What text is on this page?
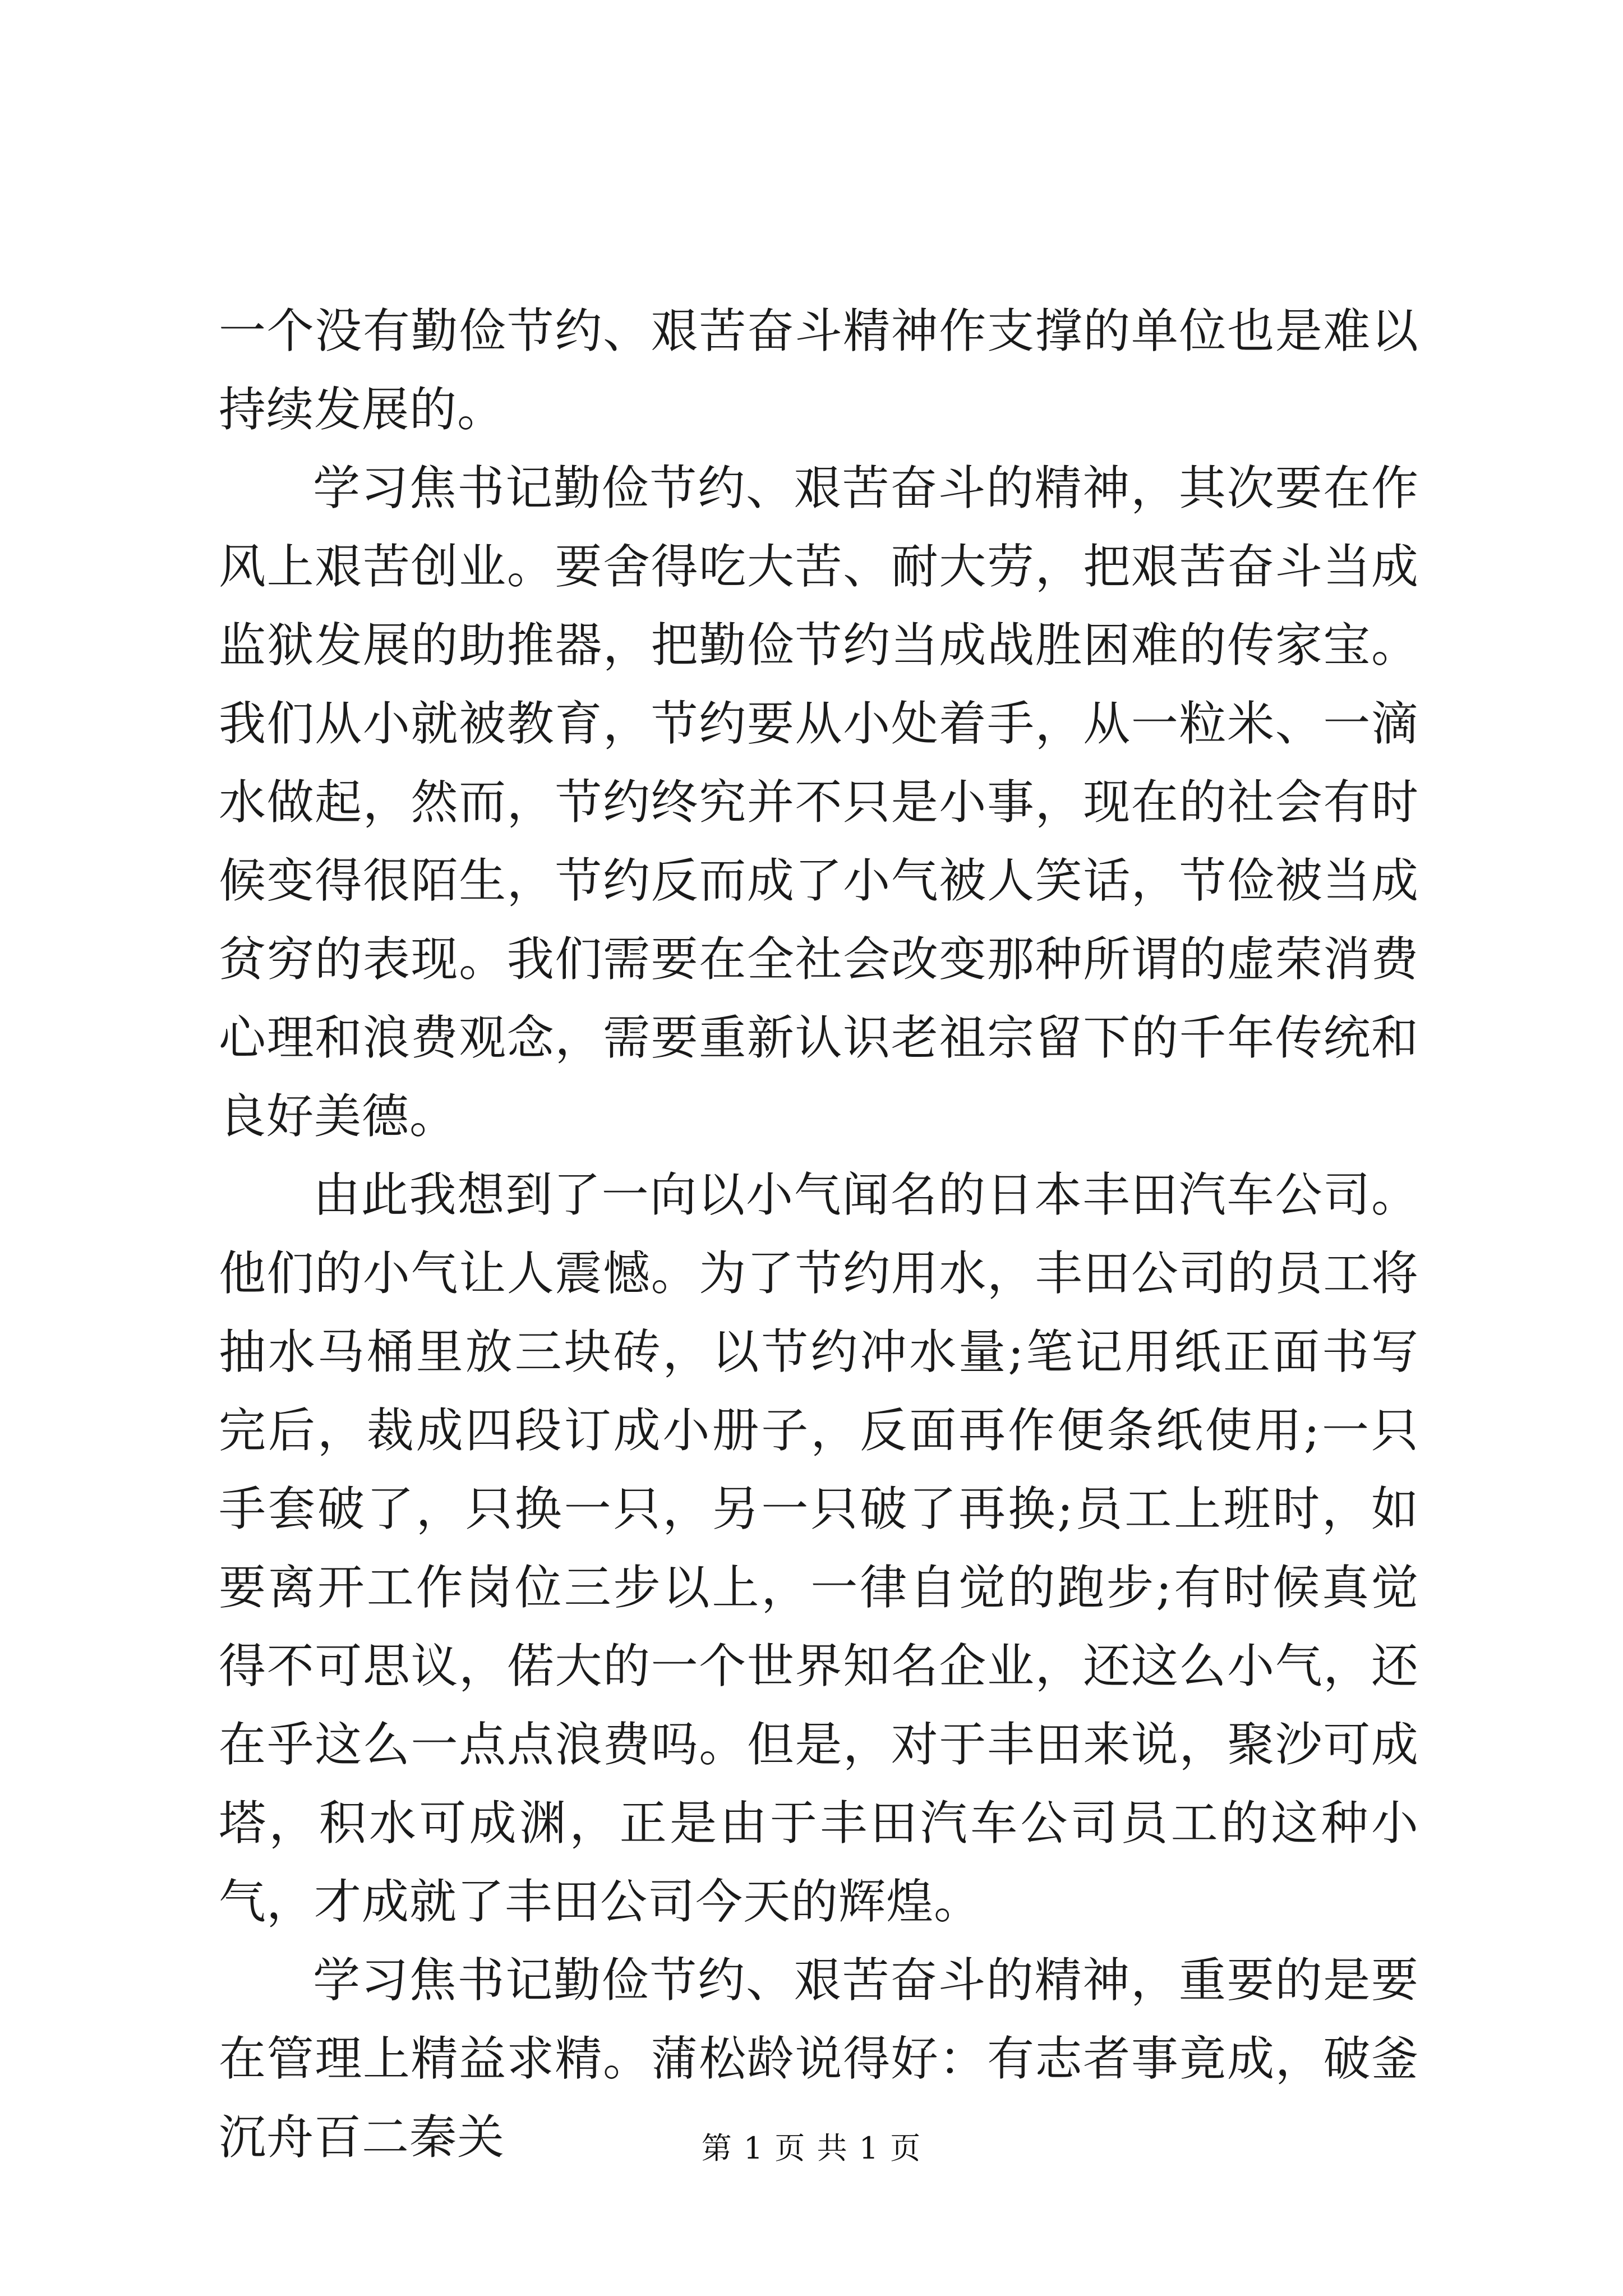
一个没有勤俭节约、艰苦奋斗精神作支撑的单位也是难以持续发展的。

学习焦书记勤俭节约、艰苦奋斗的精神，其次要在作风上艰苦创业。要舍得吃大苦、耐大劳，把艰苦奋斗当成监狱发展的助推器，把勤俭节约当成战胜困难的传家宝。我们从小就被教育，节约要从小处着手，从一粒米、一滴水做起，然而，节约终究并不只是小事，现在的社会有时候变得很陌生，节约反而成了小气被人笑话，节俭被当成贫穷的表现。我们需要在全社会改变那种所谓的虚荣消费心理和浪费观念，需要重新认识老祖宗留下的千年传统和良好美德。

由此我想到了一向以小气闻名的日本丰田汽车公司。他们的小气让人震憾。为了节约用水，丰田公司的员工将抽水马桶里放三块砖，以节约冲水量;笔记用纸正面书写完后，裁成四段订成小册子，反面再作便条纸使用;一只手套破了，只换一只，另一只破了再换;员工上班时，如要离开工作岗位三步以上，一律自觉的跑步;有时候真觉得不可思议，偌大的一个世界知名企业，还这么小气，还在乎这么一点点浪费吗。但是，对于丰田来说，聚沙可成塔，积水可成渊，正是由于丰田汽车公司员工的这种小气，才成就了丰田公司今天的辉煌。

学习焦书记勤俭节约、艰苦奋斗的精神，重要的是要在管理上精益求精。蒲松龄说得好：有志者事竟成，破釜沉舟百二秦关	第 1 页 共 1 页
